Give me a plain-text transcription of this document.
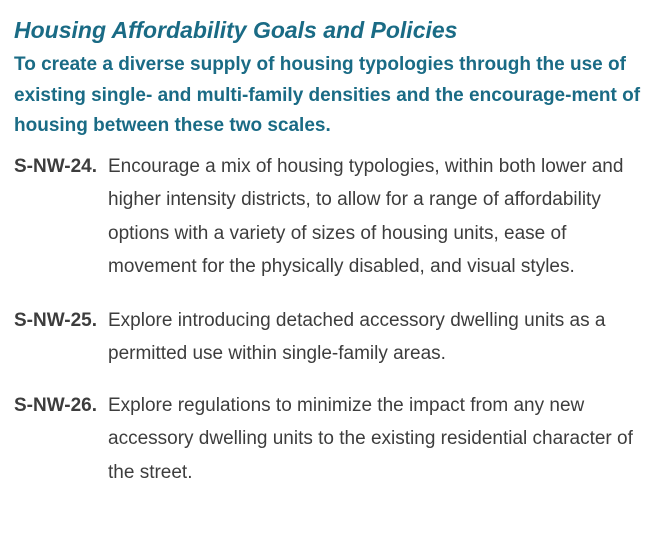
Housing Affordability Goals and Policies

To create a diverse supply of housing typologies through the use of existing single- and multi-family densities and the encourage-ment of housing between these two scales.

S-NW-24. Encourage a mix of housing typologies, within both lower and higher intensity districts, to allow for a range of affordability options with a variety of sizes of housing units, ease of movement for the physically disabled, and visual styles.
S-NW-25. Explore introducing detached accessory dwelling units as a permitted use within single-family areas.
S-NW-26. Explore regulations to minimize the impact from any new accessory dwelling units to the existing residential character of the street.
